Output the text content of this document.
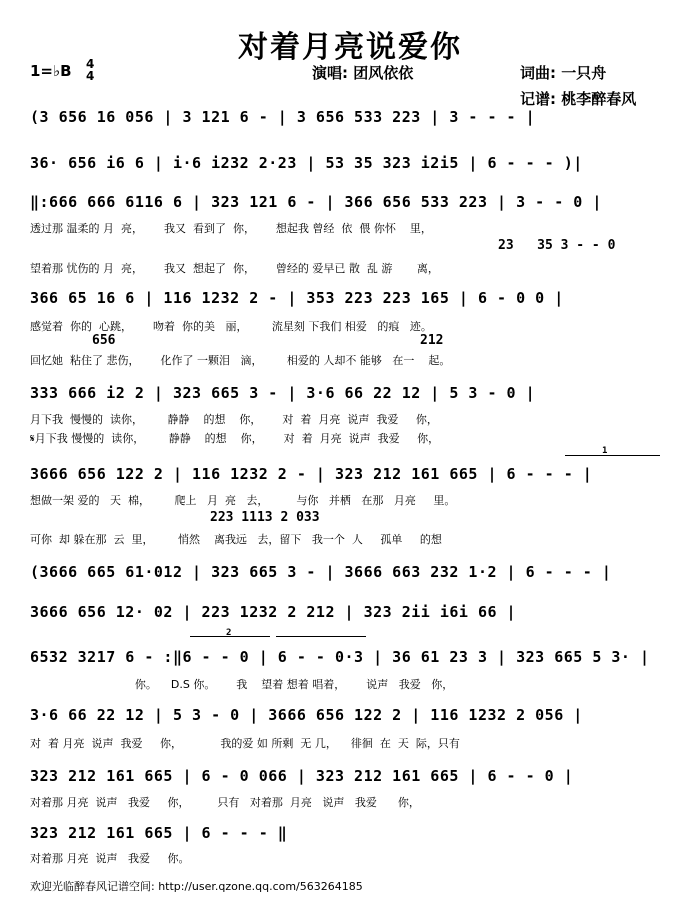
对着月亮说爱你
1=♭B 4
4	演唱: 团风依依	词曲: 一只舟
记谱: 桃李醉春风
(3 656 16 056 | 3 121 6 - | 3 656 533 223 | 3 - - - |
36· 656 i6 6 | i·6 i232 2·23 | 53 35 323 i2i5 | 6 - - - )|
‖:666 666 6116 6 | 323 121 6 - | 366 656 533 223 | 3 - - 0 |
透过那 温柔的 月  亮，      我又  看到了  你，      想起我 曾经  依  偎 你怀    里，
23   35 3 - - 0
望着那 忧伤的 月  亮，      我又  想起了  你，      曾经的 爱早已 散  乱 游       离，
366 65 16 6 | 116 1232 2 - | 353 223 223 165 | 6 - 0 0 |
感觉着  你的  心跳，      吻着  你的美   丽，       流星刻 下我们 相爱   的痕   迹。
656	212
回忆她  粘住了 悲伤，      化作了 一颗泪   滴，       相爱的 人却不 能够   在一    起。
333 666 i2 2 | 323 665 3 - | 3·6 66 22 12 | 5 3 - 0 |
月下我  慢慢的  读你，       静静    的想    你，      对  着  月亮  说声  我爱     你，
𝄋月下我 慢慢的  读你，       静静    的想    你，      对  着  月亮  说声  我爱     你，
1
3666 656 122 2 | 116 1232 2 - | 323 212 161 665 | 6 - - - |
想做一架 爱的   天  棉，       爬上   月  亮   去，        与你   并栖   在那   月亮     里。
223 1113 2 033
可你  却 躲在那  云  里，       悄然    离我远   去，留下   我一个  人     孤单     的想
(3666 665 61·012 | 323 665 3 - | 3666 663 232 1·2 | 6 - - - |
3666 656 12· 02 | 223 1232 2 212 | 323 2ii i6i 66 |
2
6532 3217 6 - :‖6 - - 0 | 6 - - 0·3 | 36 61 23 3 | 323 665 5 3· |
你。    D.S 你。      我    望着 想着 唱着，      说声   我爱   你，
3·6 66 22 12 | 5 3 - 0 | 3666 656 122 2 | 116 1232 2 056 |
对  着 月亮  说声  我爱     你，           我的爱 如 所剩  无 几，    徘徊  在  天  际，只有
323 212 161 665 | 6 - 0 066 | 323 212 161 665 | 6 - - 0 |
对着那 月亮  说声   我爱     你，        只有   对着那  月亮   说声   我爱      你，
323 212 161 665 | 6 - - - ‖
对着那 月亮  说声   我爱     你。
欢迎光临醉春风记谱空间: http://user.qzone.qq.com/563264185
